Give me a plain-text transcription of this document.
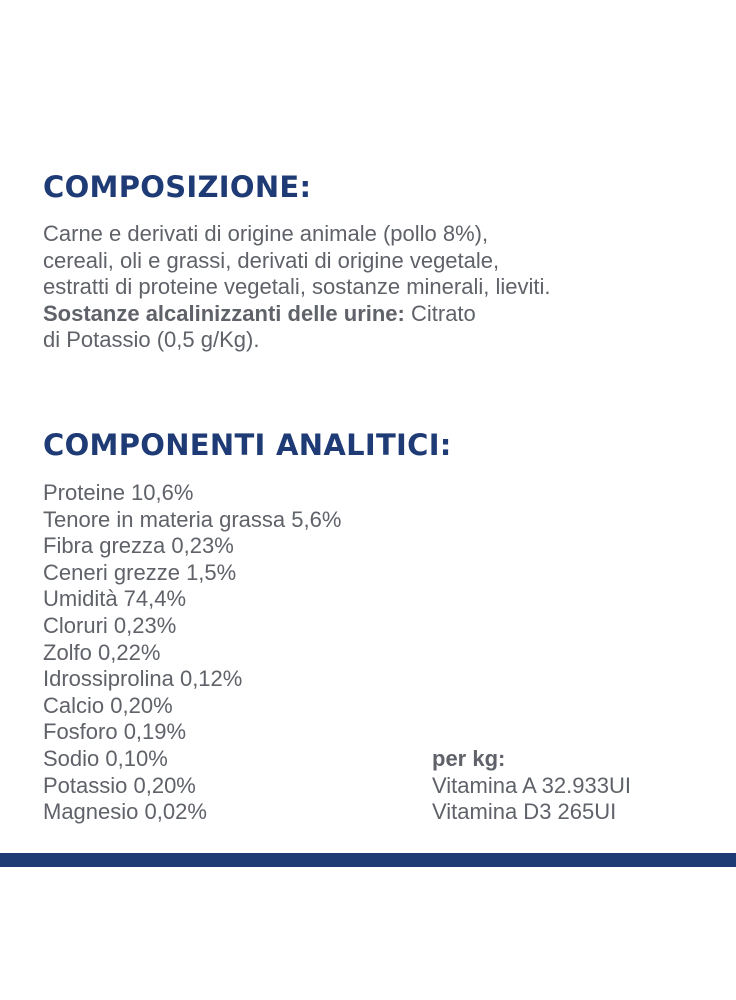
COMPOSIZIONE:
Carne e derivati di origine animale (pollo 8%),
cereali, oli e grassi, derivati di origine vegetale,
estratti di proteine vegetali, sostanze minerali, lieviti.
Sostanze alcalinizzanti delle urine: Citrato
di Potassio (0,5 g/Kg).
COMPONENTI ANALITICI:
Proteine 10,6%
Tenore in materia grassa 5,6%
Fibra grezza 0,23%
Ceneri grezze 1,5%
Umidità 74,4%
Cloruri 0,23%
Zolfo 0,22%
Idrossiprolina 0,12%
Calcio 0,20%
Fosforo 0,19%
Sodio 0,10%
Potassio 0,20%
Magnesio 0,02%
per kg:
Vitamina A 32.933UI
Vitamina D3 265UI
